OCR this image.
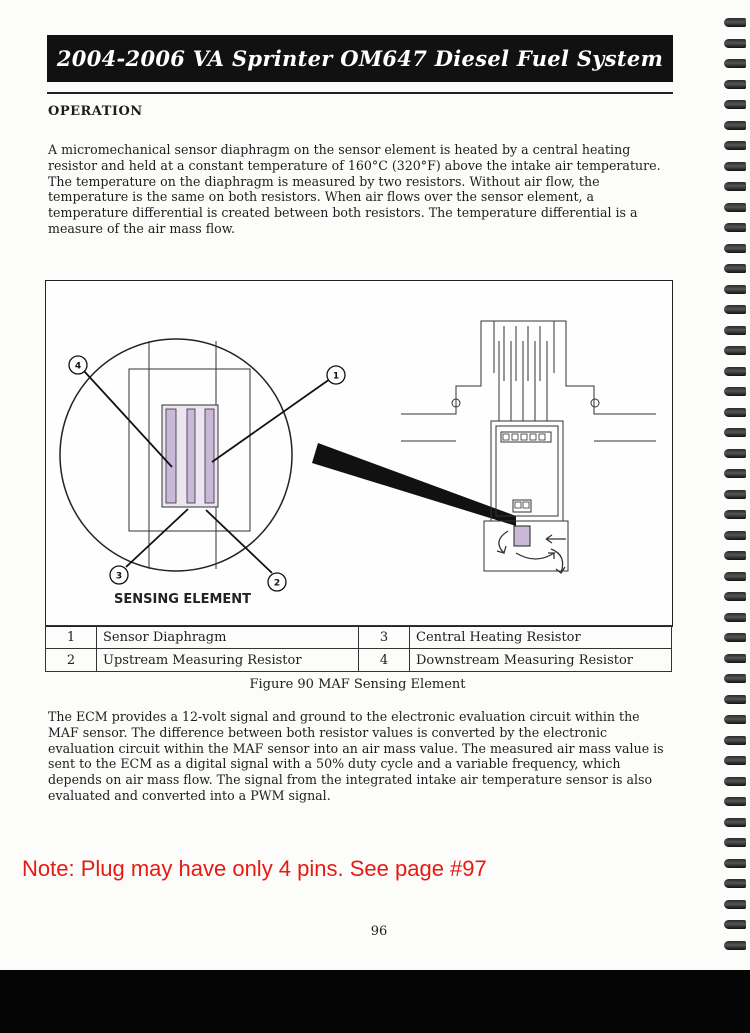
2004-2006 VA Sprinter OM647 Diesel Fuel System
OPERATION

A micromechanical sensor diaphragm on the sensor element is heated by a central heating resistor and held at a constant temperature of 160°C (320°F) above the intake air temperature. The temperature on the diaphragm is measured by two resistors. Without air flow, the temperature is the same on both resistors. When air flows over the sensor element, a temperature differential is created between both resistors. The temperature differential is a measure of the air mass flow.

4
1
3
2
SENSING ELEMENT
1	Sensor Diaphragm	3	Central Heating Resistor
2	Upstream Measuring Resistor	4	Downstream Measuring Resistor
Figure 90 MAF Sensing Element

The ECM provides a 12-volt signal and ground to the electronic evaluation circuit within the MAF sensor. The difference between both resistor values is converted by the electronic evaluation circuit within the MAF sensor into an air mass value. The measured air mass value is sent to the ECM as a digital signal with a 50% duty cycle and a variable frequency, which depends on air mass flow. The signal from the integrated intake air temperature sensor is also evaluated and converted into a PWM signal.

Note: Plug may have only 4 pins. See page #97
96
